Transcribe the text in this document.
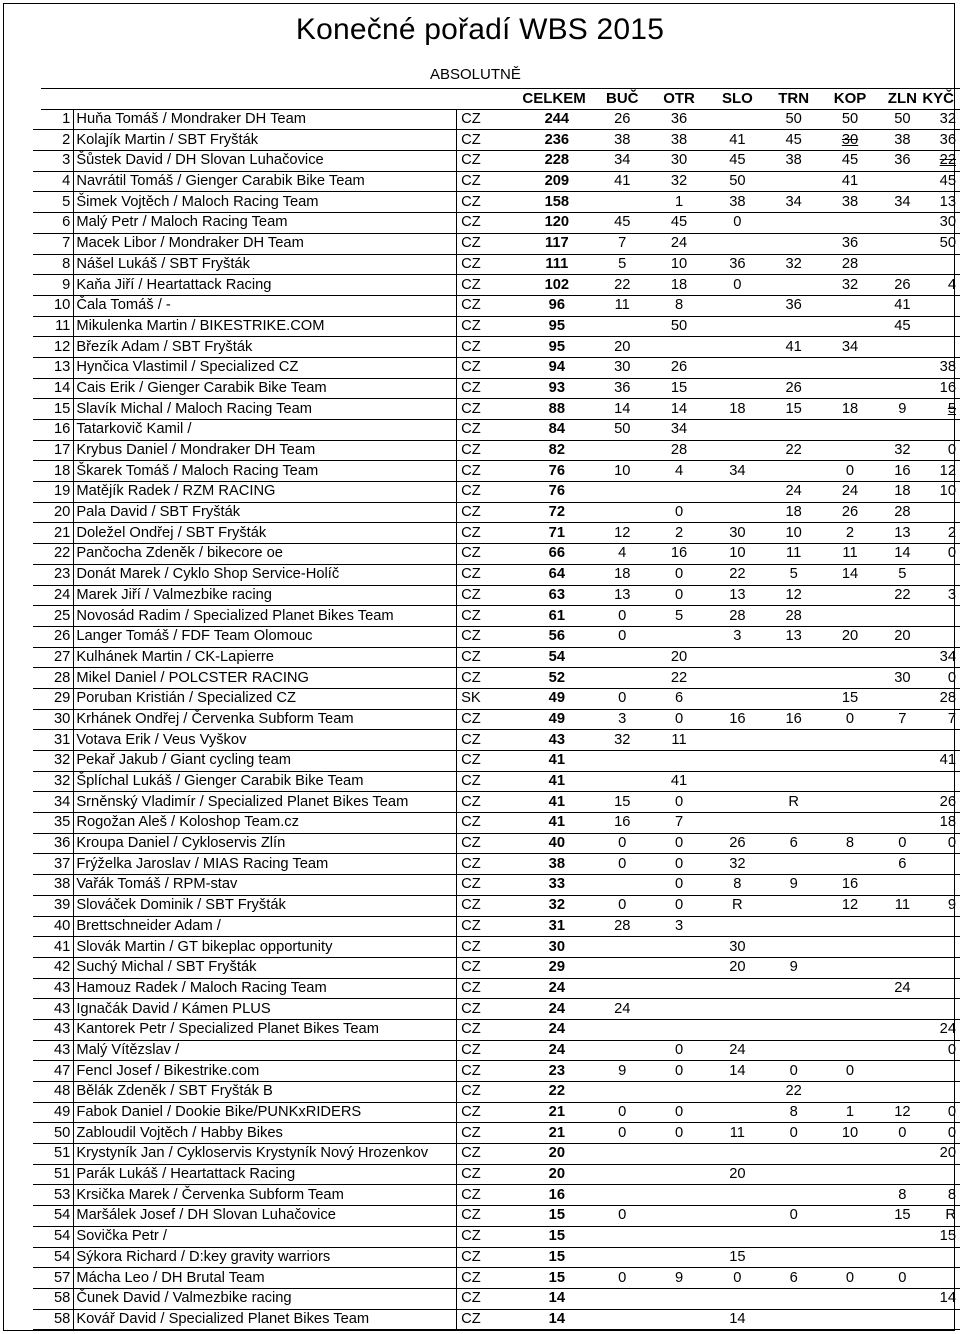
Konečné pořadí WBS 2015
ABSOLUTNĚ
				CELKEM	BUČ	OTR	SLO	TRN	KOP	ZLN	KYČ
	1	Huňa Tomáš / Mondraker DH Team	CZ	244	26	36		50	50	50	32
	2	Kolajík Martin / SBT Fryšták	CZ	236	38	38	41	45	30	38	36
	3	Šůstek David / DH Slovan Luhačovice	CZ	228	34	30	45	38	45	36	22
	4	Navrátil Tomáš / Gienger Carabik Bike Team	CZ	209	41	32	50		41		45
	5	Šimek Vojtěch / Maloch Racing Team	CZ	158		1	38	34	38	34	13
	6	Malý Petr / Maloch Racing Team	CZ	120	45	45	0				30
	7	Macek Libor / Mondraker DH Team	CZ	117	7	24			36		50
	8	Nášel Lukáš / SBT Fryšták	CZ	111	5	10	36	32	28		
	9	Kaňa Jiří / Heartattack Racing	CZ	102	22	18	0		32	26	4
	10	Čala Tomáš / -	CZ	96	11	8		36		41	
	11	Mikulenka Martin / BIKESTRIKE.COM	CZ	95		50				45	
	12	Březík Adam / SBT Fryšták	CZ	95	20			41	34		
	13	Hynčica Vlastimil / Specialized CZ	CZ	94	30	26					38
	14	Cais Erik / Gienger Carabik Bike Team	CZ	93	36	15		26			16
	15	Slavík Michal / Maloch Racing Team	CZ	88	14	14	18	15	18	9	5
	16	Tatarkovič Kamil /	CZ	84	50	34					
	17	Krybus Daniel / Mondraker DH Team	CZ	82		28		22		32	0
	18	Škarek Tomáš / Maloch Racing Team	CZ	76	10	4	34		0	16	12
	19	Matějík Radek / RZM RACING	CZ	76				24	24	18	10
	20	Pala David / SBT Fryšták	CZ	72		0		18	26	28	
	21	Doležel Ondřej / SBT Fryšták	CZ	71	12	2	30	10	2	13	2
	22	Pančocha Zdeněk / bikecore oe	CZ	66	4	16	10	11	11	14	0
	23	Donát Marek / Cyklo Shop Service-Holíč	CZ	64	18	0	22	5	14	5	
	24	Marek Jiří / Valmezbike racing	CZ	63	13	0	13	12		22	3
	25	Novosád Radim / Specialized Planet Bikes Team	CZ	61	0	5	28	28			
	26	Langer Tomáš / FDF Team Olomouc	CZ	56	0		3	13	20	20	
	27	Kulhánek Martin / CK-Lapierre	CZ	54		20					34
	28	Mikel Daniel / POLCSTER RACING	CZ	52		22				30	0
	29	Poruban Kristián / Specialized CZ	SK	49	0	6			15		28
	30	Krhánek Ondřej / Červenka Subform Team	CZ	49	3	0	16	16	0	7	7
	31	Votava Erik / Veus Vyškov	CZ	43	32	11					
	32	Pekař Jakub / Giant cycling team	CZ	41							41
	32	Šplíchal Lukáš / Gienger Carabik Bike Team	CZ	41		41					
	34	Srněnský Vladimír / Specialized Planet Bikes Team	CZ	41	15	0		R			26
	35	Rogožan Aleš / Koloshop Team.cz	CZ	41	16	7					18
	36	Kroupa Daniel / Cykloservis Zlín	CZ	40	0	0	26	6	8	0	0
	37	Frýželka Jaroslav / MIAS Racing Team	CZ	38	0	0	32			6	
	38	Vařák Tomáš / RPM-stav	CZ	33		0	8	9	16		
	39	Slováček Dominik / SBT Fryšták	CZ	32	0	0	R		12	11	9
	40	Brettschneider Adam /	CZ	31	28	3					
	41	Slovák Martin / GT bikeplac opportunity	CZ	30			30				
	42	Suchý Michal / SBT Fryšták	CZ	29			20	9			
	43	Hamouz Radek / Maloch Racing Team	CZ	24						24	
	43	Ignačák David / Kámen PLUS	CZ	24	24						
	43	Kantorek Petr / Specialized Planet Bikes Team	CZ	24							24
	43	Malý Vítězslav /	CZ	24		0	24				0
	47	Fencl Josef / Bikestrike.com	CZ	23	9	0	14	0	0		
	48	Bělák Zdeněk / SBT Fryšták B	CZ	22				22			
	49	Fabok Daniel / Dookie Bike/PUNKxRIDERS	CZ	21	0	0		8	1	12	0
	50	Zabloudil Vojtěch / Habby Bikes	CZ	21	0	0	11	0	10	0	0
	51	Krystyník Jan / Cykloservis Krystyník Nový Hrozenkov	CZ	20							20
	51	Parák Lukáš / Heartattack Racing	CZ	20			20				
	53	Krsička Marek / Červenka Subform Team	CZ	16						8	8
	54	Maršálek Josef / DH Slovan Luhačovice	CZ	15	0			0		15	R
	54	Sovička Petr /	CZ	15							15
	54	Sýkora Richard / D:key gravity warriors	CZ	15			15				
	57	Mácha Leo / DH Brutal Team	CZ	15	0	9	0	6	0	0	
	58	Čunek David / Valmezbike racing	CZ	14							14
	58	Kovář David / Specialized Planet Bikes Team	CZ	14			14				
